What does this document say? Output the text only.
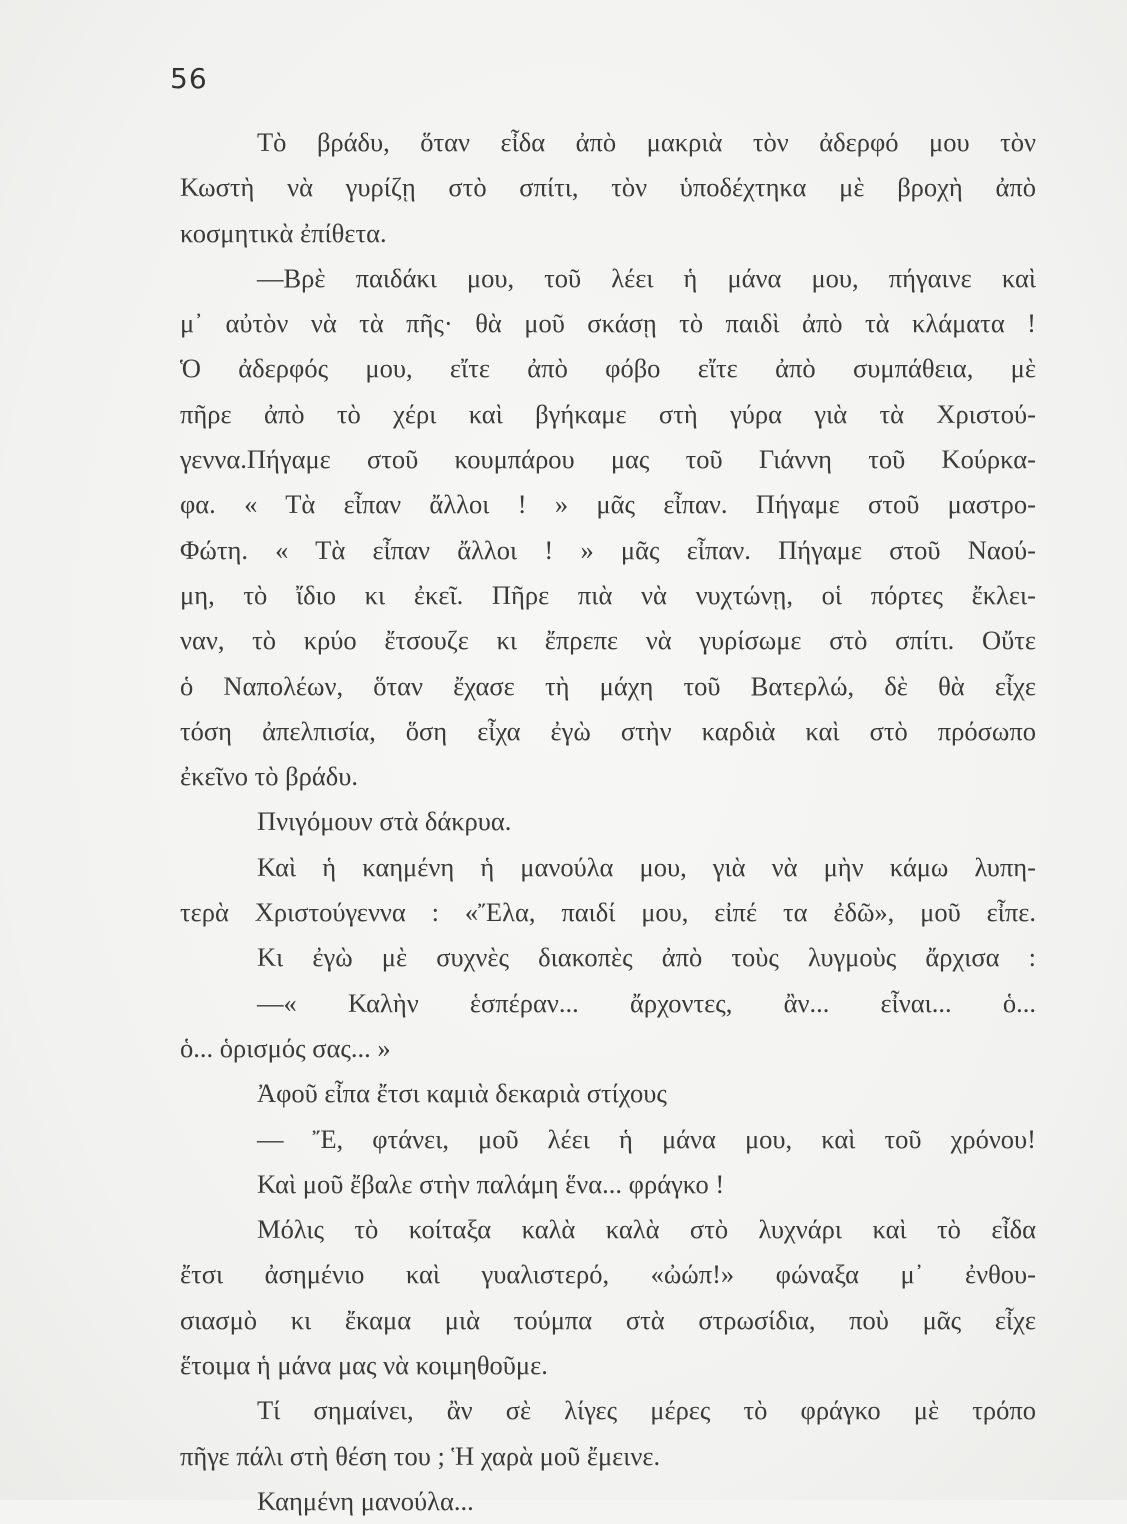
56
Τὸ βράδυ, ὅταν εἶδα ἀπὸ μακριὰ τὸν ἀδερφό μου τὸν
Κωστὴ νὰ γυρίζῃ στὸ σπίτι, τὸν ὑποδέχτηκα μὲ βροχὴ ἀπὸ
κοσμητικὰ ἐπίθετα.
—Βρὲ παιδάκι μου, τοῦ λέει ἡ μάνα μου, πήγαινε καὶ
μ᾽ αὐτὸν νὰ τὰ πῆς· θὰ μοῦ σκάσῃ τὸ παιδὶ ἀπὸ τὰ κλάματα !
Ὁ ἀδερφός μου, εἴτε ἀπὸ φόβο εἴτε ἀπὸ συμπάθεια, μὲ
πῆρε ἀπὸ τὸ χέρι καὶ βγήκαμε στὴ γύρα γιὰ τὰ Χριστού-
γεννα.Πήγαμε στοῦ κουμπάρου μας τοῦ Γιάννη τοῦ Κούρκα-
φα. « Τὰ εἶπαν ἄλλοι ! » μᾶς εἶπαν. Πήγαμε στοῦ μαστρο-
Φώτη. « Τὰ εἶπαν ἄλλοι ! » μᾶς εἶπαν. Πήγαμε στοῦ Ναού-
μη, τὸ ἴδιο κι ἐκεῖ. Πῆρε πιὰ νὰ νυχτώνῃ, οἱ πόρτες ἔκλει-
ναν, τὸ κρύο ἔτσουζε κι ἔπρεπε νὰ γυρίσωμε στὸ σπίτι. Οὔτε
ὁ Ναπολέων, ὅταν ἔχασε τὴ μάχη τοῦ Βατερλώ, δὲ θὰ εἶχε
τόση ἀπελπισία, ὅση εἶχα ἐγὼ στὴν καρδιὰ καὶ στὸ πρόσωπο
ἐκεῖνο τὸ βράδυ.
Πνιγόμουν στὰ δάκρυα.
Καὶ ἡ καημένη ἡ μανούλα μου, γιὰ νὰ μὴν κάμω λυπη-
τερὰ Χριστούγεννα : «Ἔλα, παιδί μου, εἰπέ τα ἐδῶ», μοῦ εἶπε.
Κι ἐγὼ μὲ συχνὲς διακοπὲς ἀπὸ τοὺς λυγμοὺς ἄρχισα :
—« Καλὴν ἑσπέραν... ἄρχοντες, ἂν... εἶναι... ὁ...
ὁ... ὁρισμός σας... »
Ἀφοῦ εἶπα ἔτσι καμιὰ δεκαριὰ στίχους
— Ἔ, φτάνει, μοῦ λέει ἡ μάνα μου, καὶ τοῦ χρόνου!
Καὶ μοῦ ἔβαλε στὴν παλάμη ἕνα... φράγκο !
Μόλις τὸ κοίταξα καλὰ καλὰ στὸ λυχνάρι καὶ τὸ εἶδα
ἔτσι ἀσημένιο καὶ γυαλιστερό, «ὠώπ!» φώναξα μ᾽ ἐνθου-
σιασμὸ κι ἔκαμα μιὰ τούμπα στὰ στρωσίδια, ποὺ μᾶς εἶχε
ἕτοιμα ἡ μάνα μας νὰ κοιμηθοῦμε.
Τί σημαίνει, ἂν σὲ λίγες μέρες τὸ φράγκο μὲ τρόπο
πῆγε πάλι στὴ θέση του ; Ἡ χαρὰ μοῦ ἔμεινε.
Καημένη μανούλα...
